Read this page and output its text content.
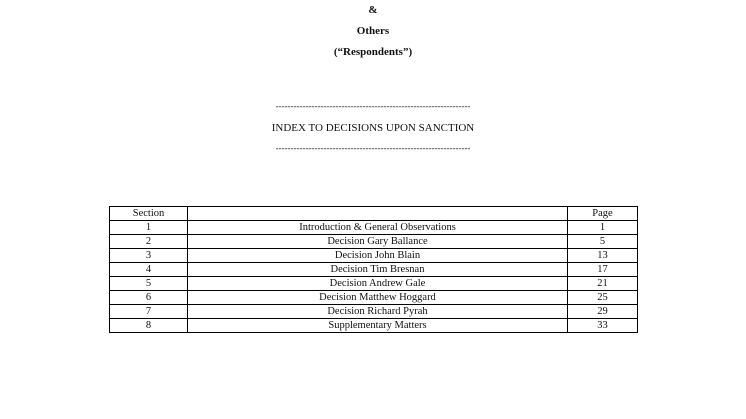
&
Others
(“Respondents”)
-----------------------------------------------------------------
INDEX TO DECISIONS UPON SANCTION
-----------------------------------------------------------------
Section		Page
1	Introduction & General Observations	1
2	Decision Gary Ballance	5
3	Decision John Blain	13
4	Decision Tim Bresnan	17
5	Decision Andrew Gale	21
6	Decision Matthew Hoggard	25
7	Decision Richard Pyrah	29
8	Supplementary Matters	33
